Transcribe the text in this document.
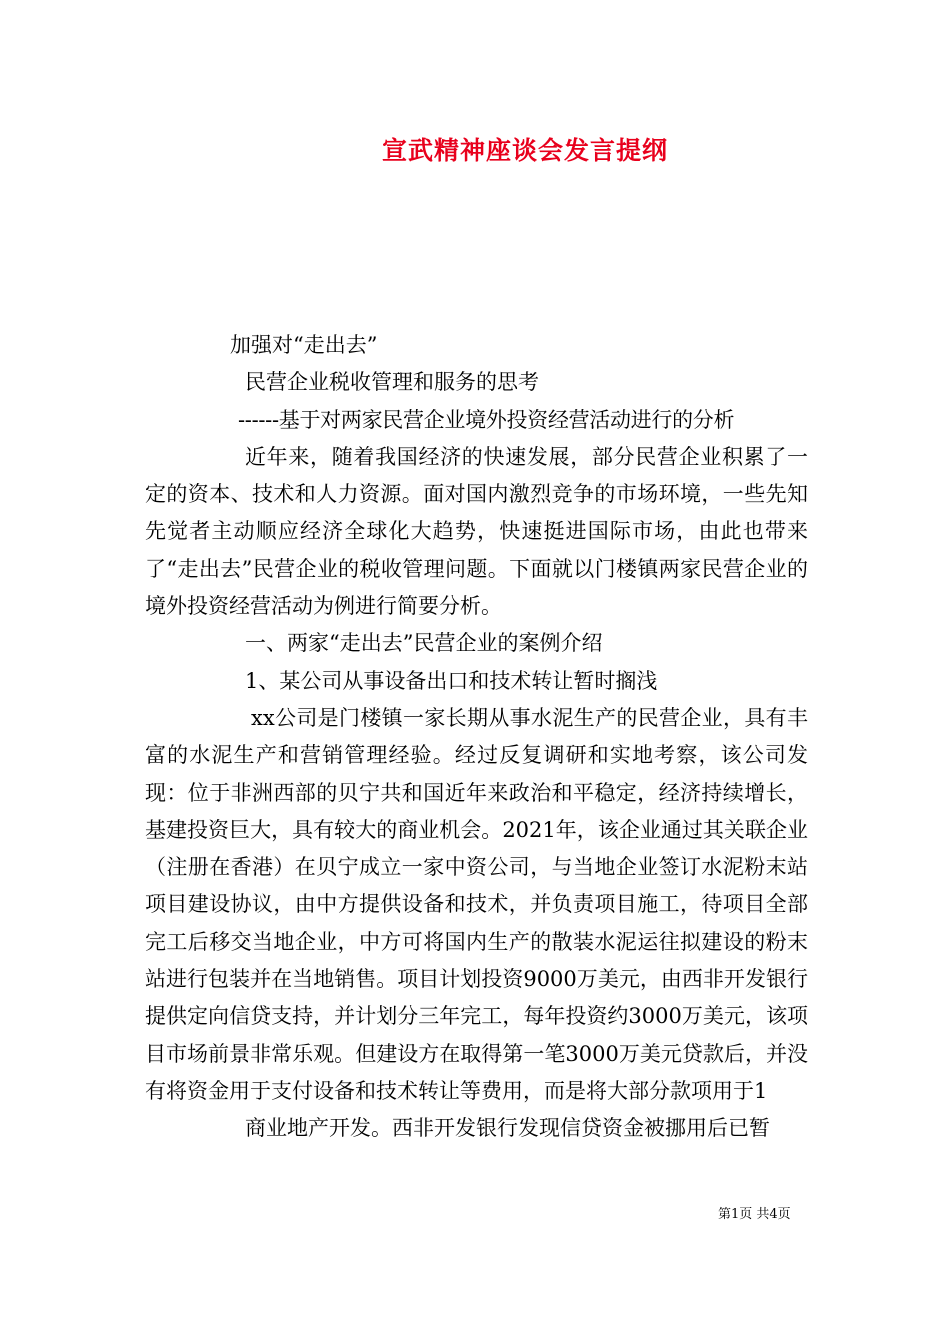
宣武精神座谈会发言提纲

加强对“走出去”

民营企业税收管理和服务的思考

------基于对两家民营企业境外投资经营活动进行的分析

近年来，随着我国经济的快速发展，部分民营企业积累了一定的资本、技术和人力资源。面对国内激烈竞争的市场环境，一些先知先觉者主动顺应经济全球化大趋势，快速挺进国际市场，由此也带来了“走出去”民营企业的税收管理问题。下面就以门楼镇两家民营企业的境外投资经营活动为例进行简要分析。

一、两家“走出去”民营企业的案例介绍

1、某公司从事设备出口和技术转让暂时搁浅

xx公司是门楼镇一家长期从事水泥生产的民营企业，具有丰富的水泥生产和营销管理经验。经过反复调研和实地考察，该公司发现：位于非洲西部的贝宁共和国近年来政治和平稳定，经济持续增长，基建投资巨大，具有较大的商业机会。2021年，该企业通过其关联企业（注册在香港）在贝宁成立一家中资公司，与当地企业签订水泥粉末站项目建设协议，由中方提供设备和技术，并负责项目施工，待项目全部完工后移交当地企业，中方可将国内生产的散装水泥运往拟建设的粉末站进行包装并在当地销售。项目计划投资9000万美元，由西非开发银行提供定向信贷支持，并计划分三年完工，每年投资约3000万美元，该项目市场前景非常乐观。但建设方在取得第一笔3000万美元贷款后，并没有将资金用于支付设备和技术转让等费用，而是将大部分款项用于1

商业地产开发。西非开发银行发现信贷资金被挪用后已暂

第1页 共4页
